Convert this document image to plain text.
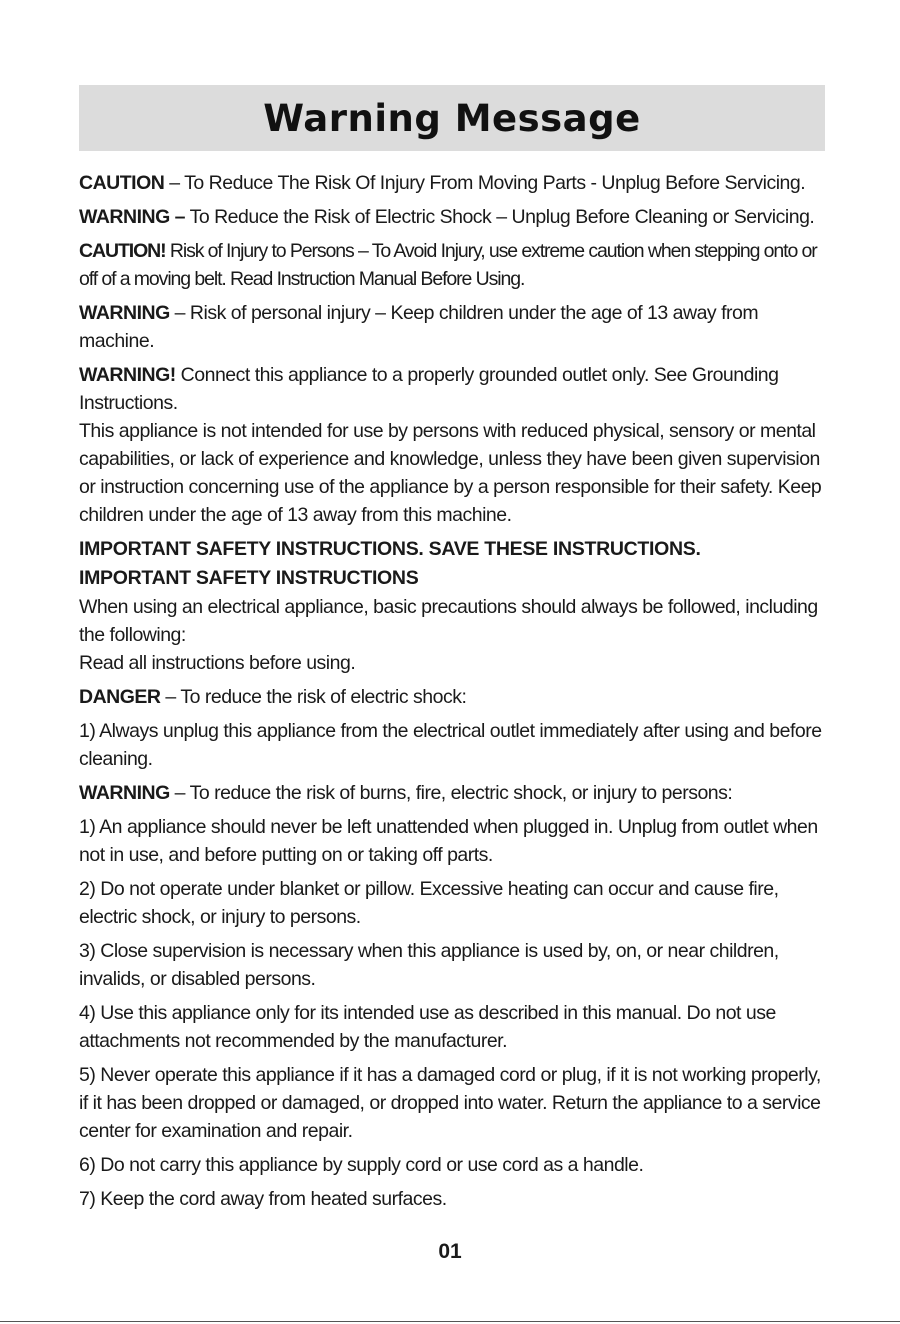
Warning Message

CAUTION – To Reduce The Risk Of Injury From Moving Parts - Unplug Before Servicing.

WARNING – To Reduce the Risk of Electric Shock – Unplug Before Cleaning or Servicing.

CAUTION! Risk of Injury to Persons – To Avoid Injury, use extreme caution when stepping onto or off of a moving belt. Read Instruction Manual Before Using.

WARNING – Risk of personal injury – Keep children under the age of 13 away from machine.

WARNING! Connect this appliance to a properly grounded outlet only. See Grounding Instructions.

This appliance is not intended for use by persons with reduced physical, sensory or mental capabilities, or lack of experience and knowledge, unless they have been given supervision or instruction concerning use of the appliance by a person responsible for their safety. Keep children under the age of 13 away from this machine.

IMPORTANT SAFETY INSTRUCTIONS. SAVE THESE INSTRUCTIONS.

IMPORTANT SAFETY INSTRUCTIONS

When using an electrical appliance, basic precautions should always be followed, including the following:

Read all instructions before using.

DANGER – To reduce the risk of electric shock:

1) Always unplug this appliance from the electrical outlet immediately after using and before cleaning.

WARNING – To reduce the risk of burns, fire, electric shock, or injury to persons:

1) An appliance should never be left unattended when plugged in. Unplug from outlet when not in use, and before putting on or taking off parts.

2) Do not operate under blanket or pillow. Excessive heating can occur and cause fire, electric shock, or injury to persons.

3) Close supervision is necessary when this appliance is used by, on, or near children, invalids, or disabled persons.

4) Use this appliance only for its intended use as described in this manual. Do not use attachments not recommended by the manufacturer.

5) Never operate this appliance if it has a damaged cord or plug, if it is not working properly, if it has been dropped or damaged, or dropped into water. Return the appliance to a service center for examination and repair.

6) Do not carry this appliance by supply cord or use cord as a handle.

7) Keep the cord away from heated surfaces.

01
